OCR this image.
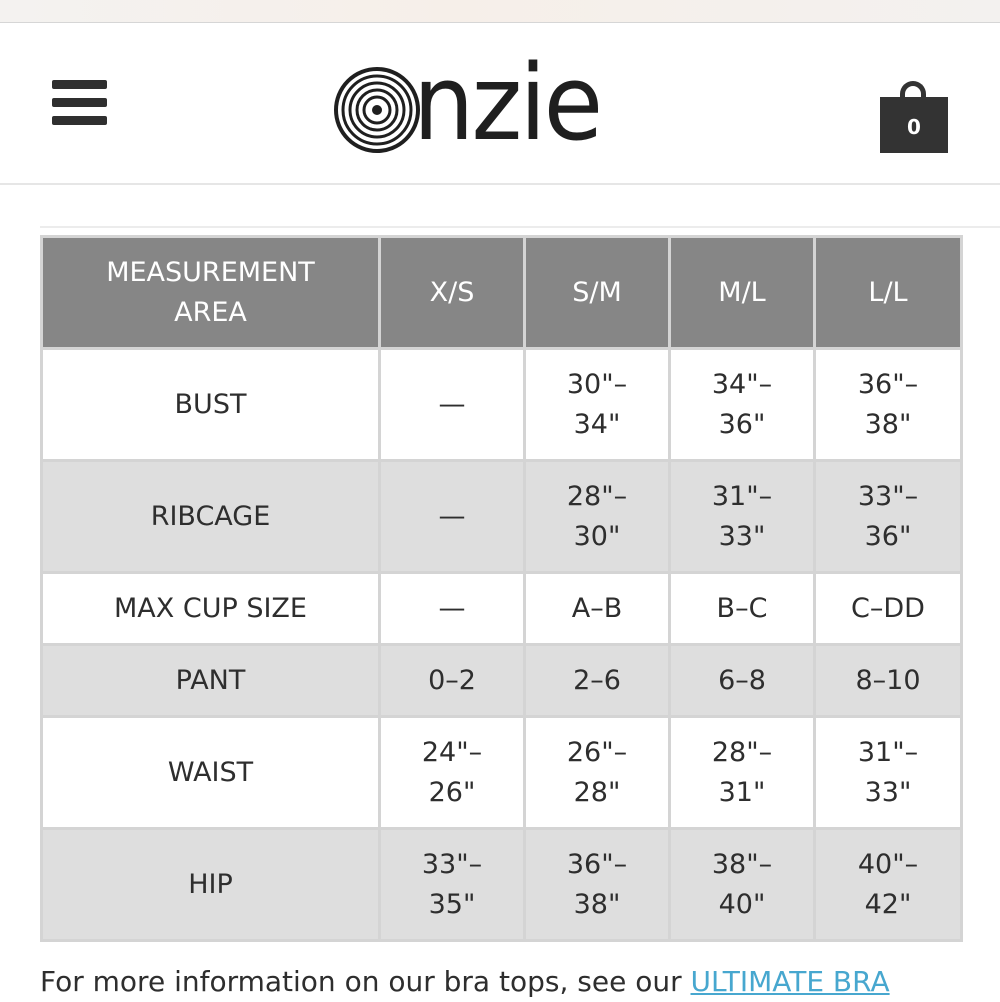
nzie	0
MEASUREMENT AREA	X/S	S/M	M/L	L/L
BUST	—	30"–34"	34"–36"	36"–38"

RIBCAGE	—	28"–30"	31"–33"	33"–36"

MAX CUP SIZE	—	A–B	B–C	C–DD

PANT	0–2	2–6	6–8	8–10

WAIST	24"–26"	26"–28"	28"–31"	31"–33"

HIP	33"–35"	36"–38"	38"–40"	40"–42"
For more information on our bra tops, see our ULTIMATE BRA
